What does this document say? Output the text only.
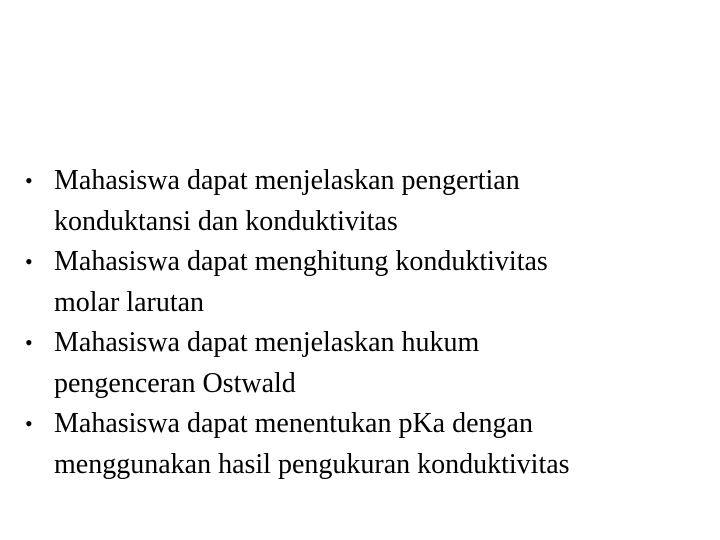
• Mahasiswa dapat menjelaskan pengertian
konduktansi dan konduktivitas
• Mahasiswa dapat menghitung konduktivitas
molar larutan
• Mahasiswa dapat menjelaskan hukum
pengenceran Ostwald
• Mahasiswa dapat menentukan pKa dengan
menggunakan hasil pengukuran konduktivitas
